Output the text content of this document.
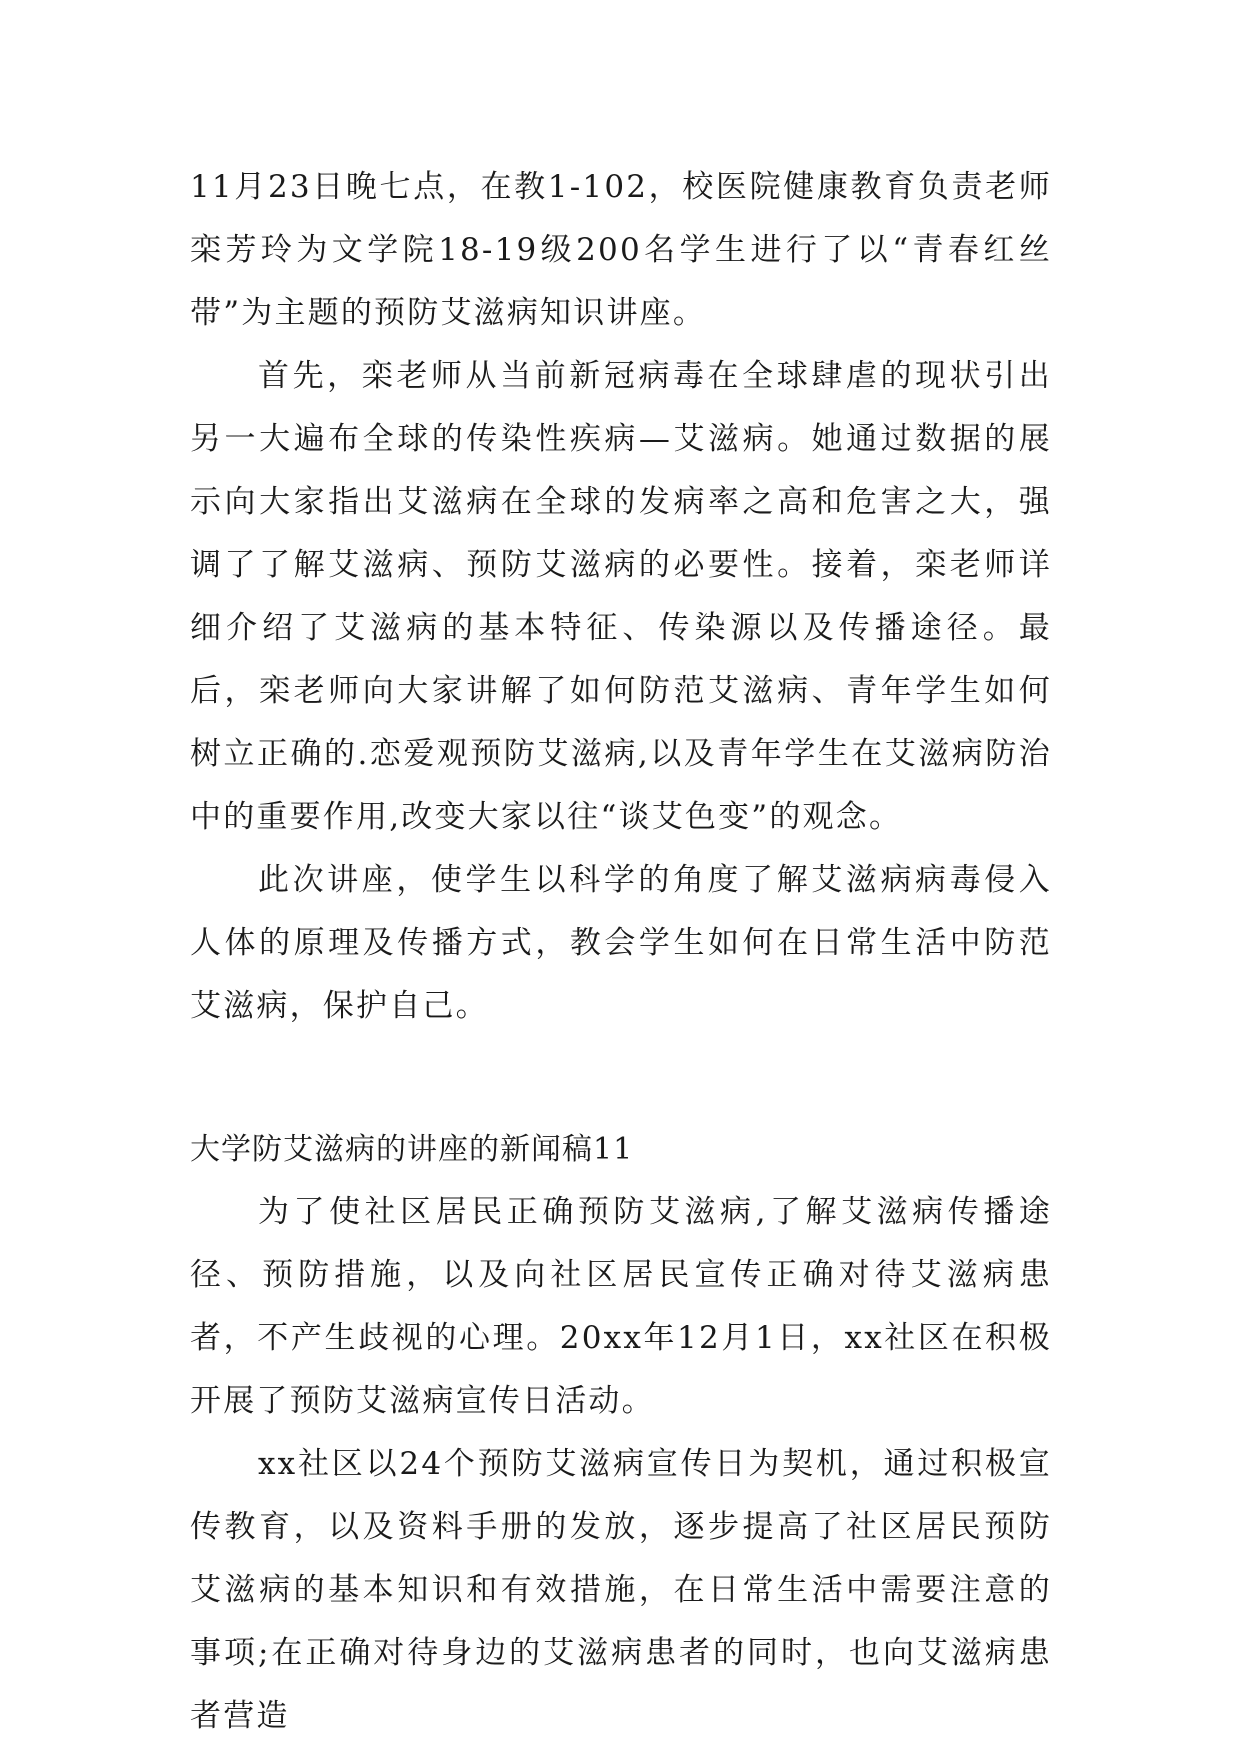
11月23日晚七点，在教1-102，校医院健康教育负责老师栾芳玲为文学院18-19级200名学生进行了以“青春红丝带”为主题的预防艾滋病知识讲座。

首先，栾老师从当前新冠病毒在全球肆虐的现状引出另一大遍布全球的传染性疾病—艾滋病。她通过数据的展示向大家指出艾滋病在全球的发病率之高和危害之大，强调了了解艾滋病、预防艾滋病的必要性。接着，栾老师详细介绍了艾滋病的基本特征、传染源以及传播途径。最后，栾老师向大家讲解了如何防范艾滋病、青年学生如何树立正确的.恋爱观预防艾滋病,以及青年学生在艾滋病防治中的重要作用,改变大家以往“谈艾色变”的观念。

此次讲座，使学生以科学的角度了解艾滋病病毒侵入人体的原理及传播方式，教会学生如何在日常生活中防范艾滋病，保护自己。

大学防艾滋病的讲座的新闻稿11

为了使社区居民正确预防艾滋病,了解艾滋病传播途径、预防措施，以及向社区居民宣传正确对待艾滋病患者，不产生歧视的心理。20xx年12月1日，xx社区在积极开展了预防艾滋病宣传日活动。

xx社区以24个预防艾滋病宣传日为契机，通过积极宣传教育，以及资料手册的发放，逐步提高了社区居民预防艾滋病的基本知识和有效措施，在日常生活中需要注意的事项;在正确对待身边的艾滋病患者的同时，也向艾滋病患者营造
